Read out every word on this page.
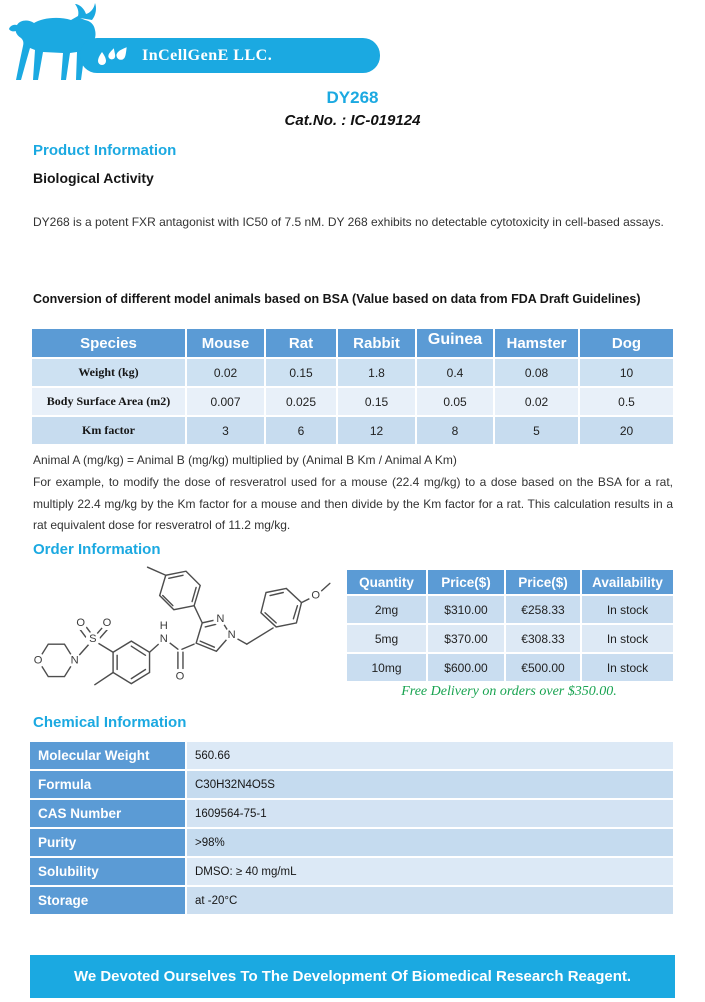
InCellGenE LLC.
DY268
Cat.No. : IC-019124
Product Information
Biological Activity
DY268 is a potent FXR antagonist with IC50 of 7.5 nM. DY 268 exhibits no detectable cytotoxicity in cell-based assays.
Conversion of different model animals based on BSA (Value based on data from FDA Draft Guidelines)
Species	Mouse	Rat	Rabbit	Guinea	Hamster	Dog
Weight (kg)	0.02	0.15	1.8	0.4	0.08	10
Body Surface Area (m2)	0.007	0.025	0.15	0.05	0.02	0.5
Km factor	3	6	12	8	5	20
Animal A (mg/kg) = Animal B (mg/kg) multiplied by (Animal B Km / Animal A Km)
For example, to modify the dose of resveratrol used for a mouse (22.4 mg/kg) to a dose based on the BSA for a rat, multiply 22.4 mg/kg by the Km factor for a mouse and then divide by the Km factor for a rat. This calculation results in a rat equivalent dose for resveratrol of 11.2 mg/kg.
Order Information
O	N
S
O O
N
H
O
N
N
O
Quantity	Price($)	Price($)	Availability
2mg	$310.00	€258.33	In stock
5mg	$370.00	€308.33	In stock
10mg	$600.00	€500.00	In stock
Free Delivery on orders over $350.00.
Chemical Information
Molecular Weight	560.66
Formula	C30H32N4O5S
CAS Number	1609564-75-1
Purity	>98%
Solubility	DMSO: ≥ 40 mg/mL
Storage	at -20°C
We Devoted Ourselves To The Development Of Biomedical Research Reagent.
